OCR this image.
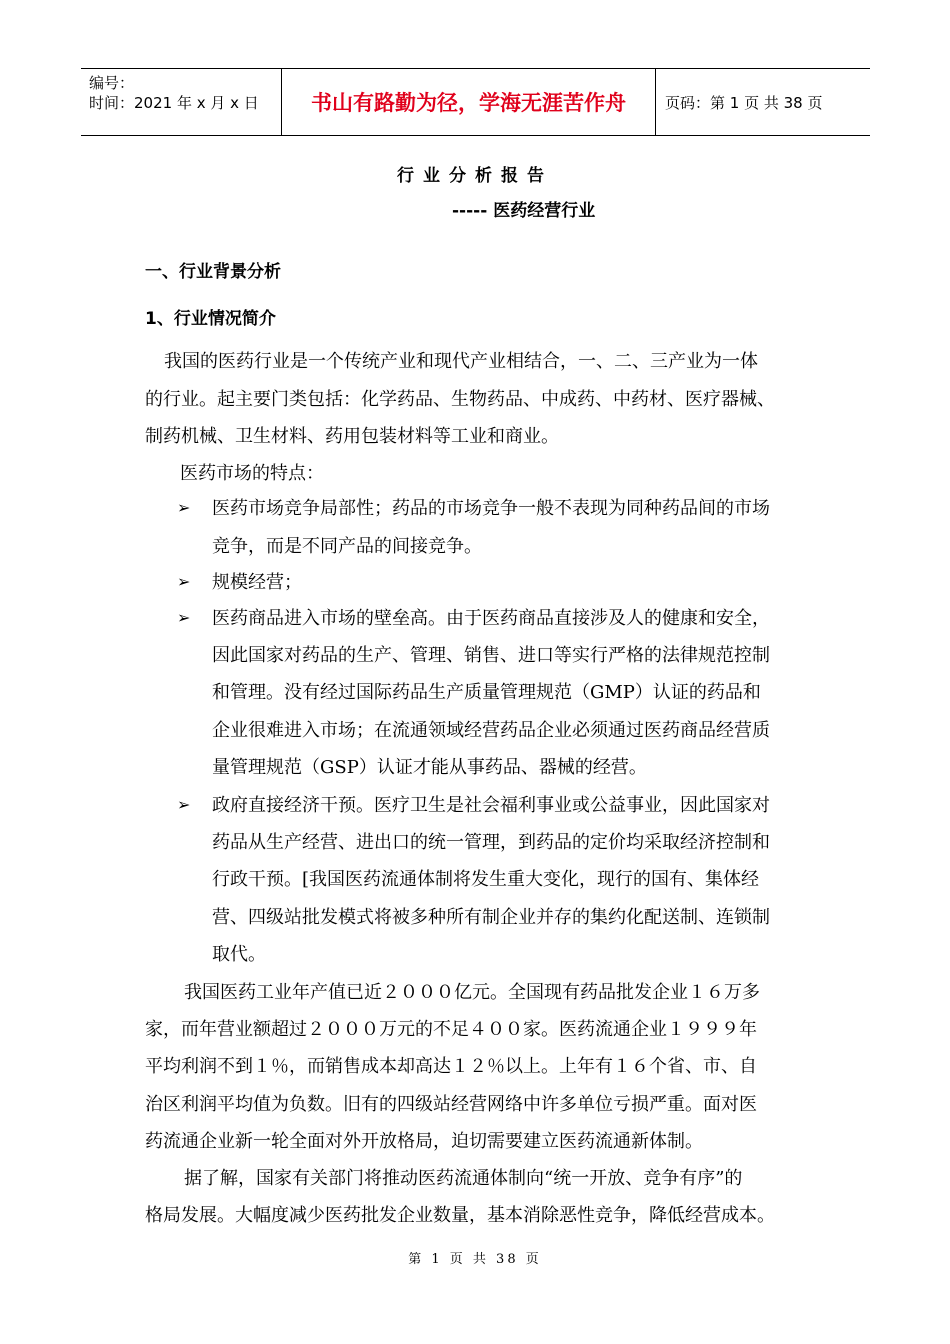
编号：
时间：2021 年 x 月 x 日	书山有路勤为径，学海无涯苦作舟	页码：第 1 页 共 38 页
行业分析报告
----- 医药经营行业
一、行业背景分析
1、行业情况简介
我国的医药行业是一个传统产业和现代产业相结合，一、二、三产业为一体
的行业。起主要门类包括：化学药品、生物药品、中成药、中药材、医疗器械、
制药机械、卫生材料、药用包装材料等工业和商业。
医药市场的特点：
➢ 医药市场竞争局部性；药品的市场竞争一般不表现为同种药品间的市场
竞争，而是不同产品的间接竞争。
➢ 规模经营；
➢ 医药商品进入市场的壁垒高。由于医药商品直接涉及人的健康和安全，
因此国家对药品的生产、管理、销售、进口等实行严格的法律规范控制
和管理。没有经过国际药品生产质量管理规范（GMP）认证的药品和
企业很难进入市场；在流通领域经营药品企业必须通过医药商品经营质
量管理规范（GSP）认证才能从事药品、器械的经营。
➢ 政府直接经济干预。医疗卫生是社会福利事业或公益事业，因此国家对
药品从生产经营、进出口的统一管理，到药品的定价均采取经济控制和
行政干预。[我国医药流通体制将发生重大变化，现行的国有、集体经
营、四级站批发模式将被多种所有制企业并存的集约化配送制、连锁制
取代。
我国医药工业年产值已近２０００亿元。全国现有药品批发企业１６万多
家，而年营业额超过２０００万元的不足４００家。医药流通企业１９９９年
平均利润不到１％，而销售成本却高达１２％以上。上年有１６个省、市、自
治区利润平均值为负数。旧有的四级站经营网络中许多单位亏损严重。面对医
药流通企业新一轮全面对外开放格局，迫切需要建立医药流通新体制。
据了解，国家有关部门将推动医药流通体制向“统一开放、竞争有序”的
格局发展。大幅度减少医药批发企业数量，基本消除恶性竞争，降低经营成本。
第 1 页 共 38 页
